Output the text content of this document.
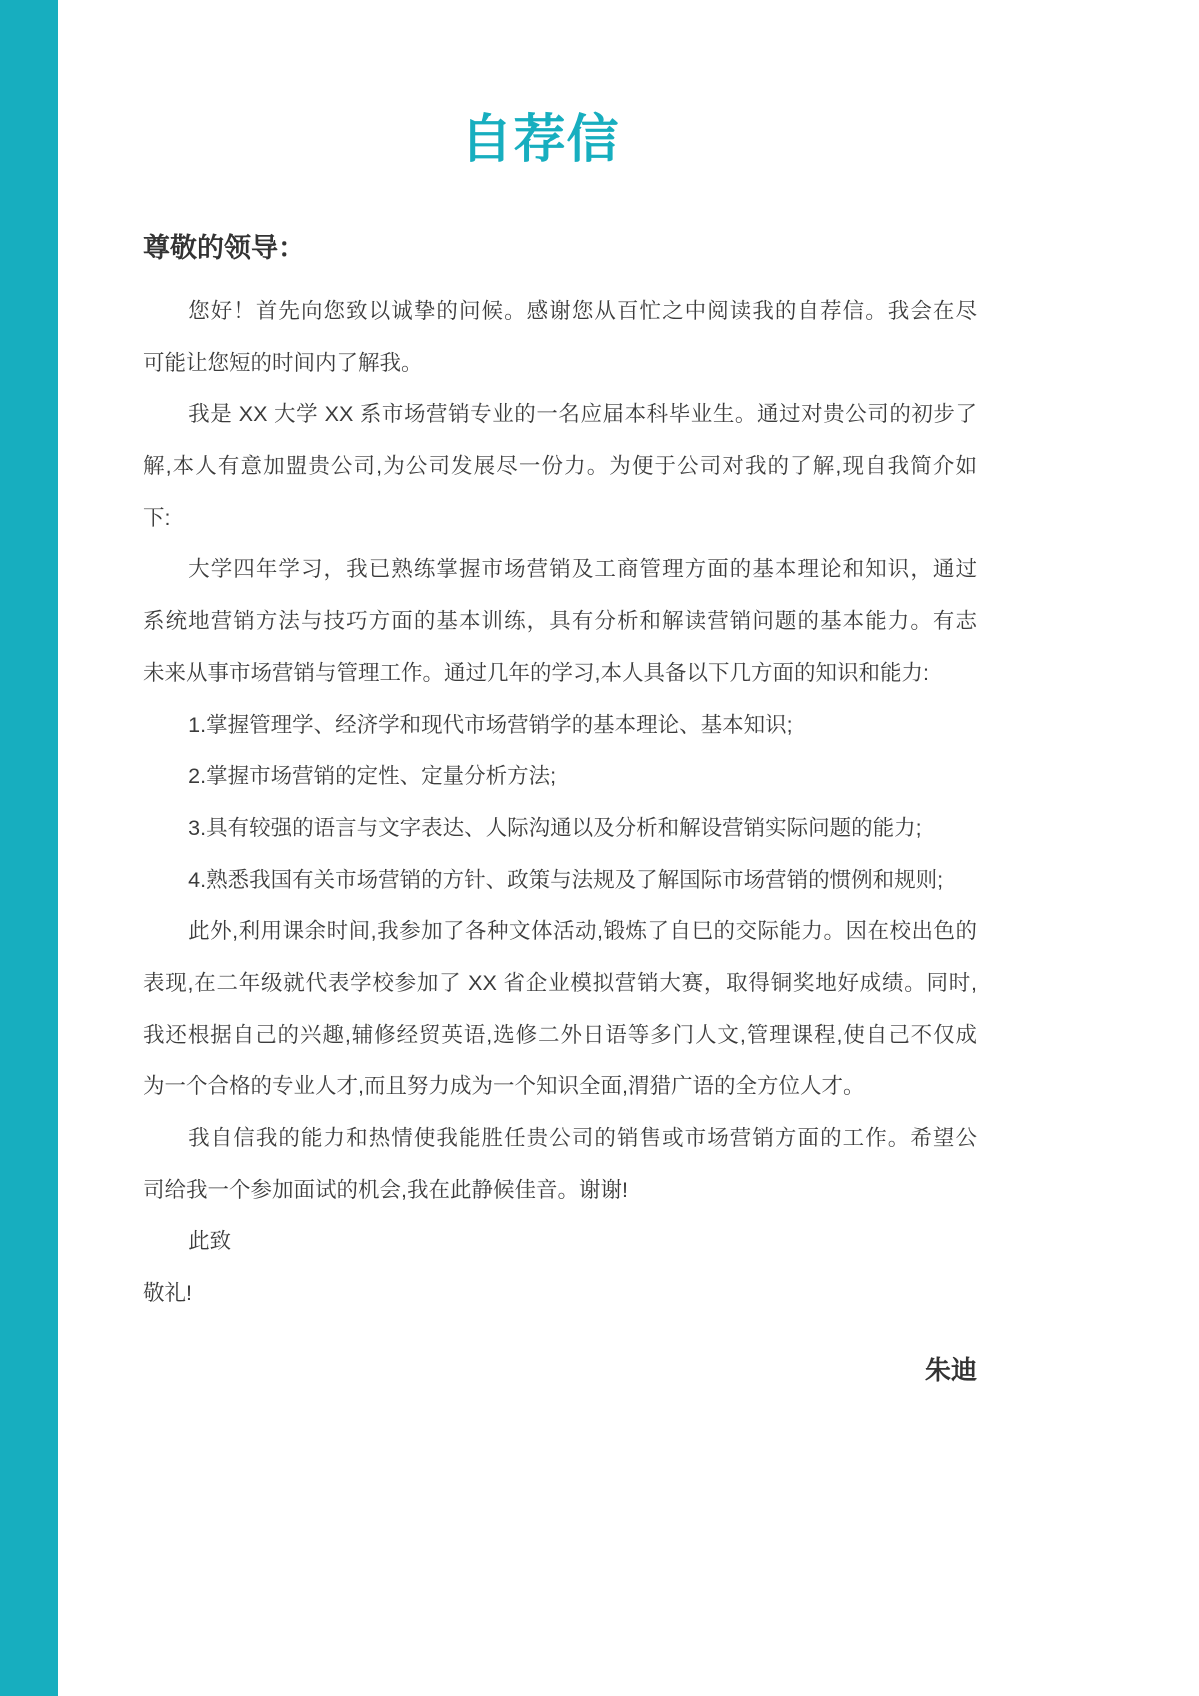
自荐信
尊敬的领导：
您好！首先向您致以诚挚的问候。感谢您从百忙之中阅读我的自荐信。我会在尽
可能让您短的时间内了解我。
我是 XX 大学 XX 系市场营销专业的一名应届本科毕业生。通过对贵公司的初步了
解,本人有意加盟贵公司,为公司发展尽一份力。为便于公司对我的了解,现自我简介如
下:
大学四年学习，我已熟练掌握市场营销及工商管理方面的基本理论和知识，通过
系统地营销方法与技巧方面的基本训练，具有分析和解读营销问题的基本能力。有志
未来从事市场营销与管理工作。通过几年的学习,本人具备以下几方面的知识和能力:
1.掌握管理学、经济学和现代市场营销学的基本理论、基本知识;
2.掌握市场营销的定性、定量分析方法;
3.具有较强的语言与文字表达、人际沟通以及分析和解设营销实际问题的能力;
4.熟悉我国有关市场营销的方针、政策与法规及了解国际市场营销的惯例和规则;
此外,利用课余时间,我参加了各种文体活动,锻炼了自巳的交际能力。因在校出色的
表现,在二年级就代表学校参加了 XX 省企业模拟营销大赛，取得铜奖地好成绩。同时,
我还根据自己的兴趣,辅修经贸英语,选修二外日语等多门人文,管理课程,使自己不仅成
为一个合格的专业人才,而且努力成为一个知识全面,渭猎广语的全方位人才。
我自信我的能力和热情使我能胜任贵公司的销售或市场营销方面的工作。希望公
司给我一个参加面试的机会,我在此静候佳音。谢谢!
此致
敬礼!
朱迪
